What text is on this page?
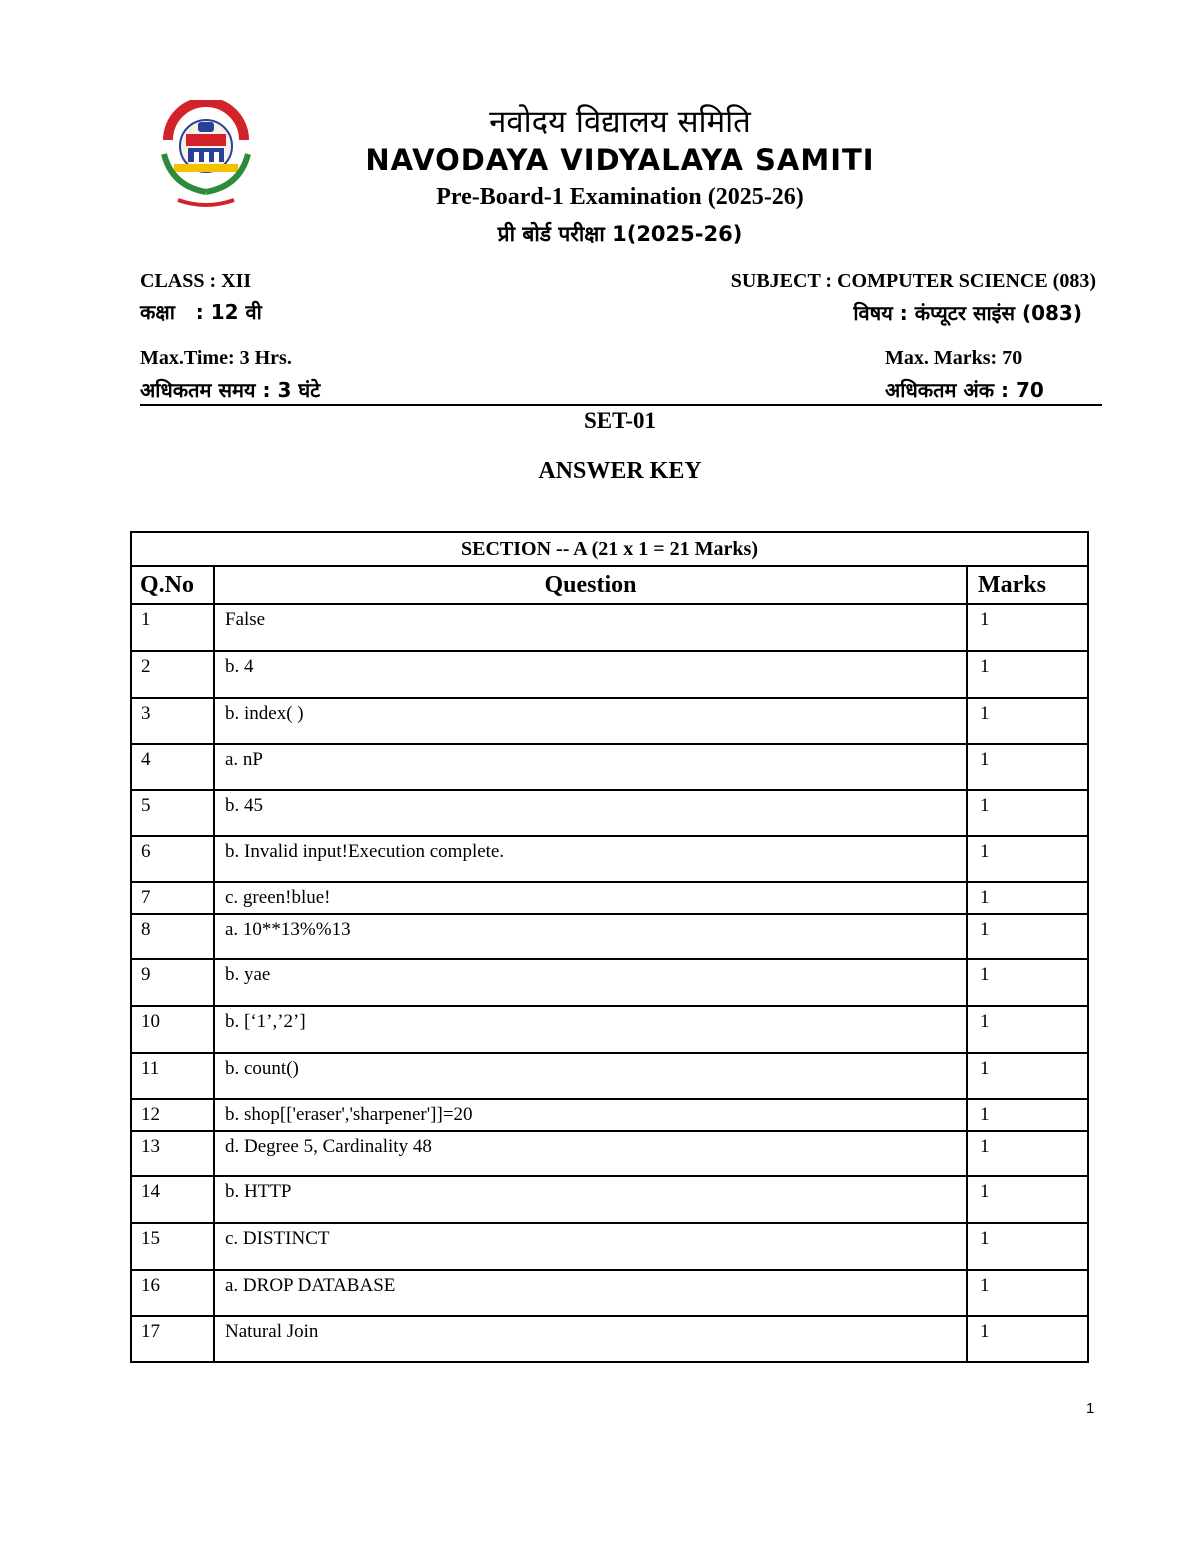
नवोदय विद्यालय समिति
NAVODAYA VIDYALAYA SAMITI
Pre-Board-1 Examination (2025-26)
प्री बोर्ड परीक्षा 1(2025-26)
CLASS : XII
कक्षा   : 12 वी
SUBJECT : COMPUTER SCIENCE (083)
विषय : कंप्यूटर साइंस (083)
Max.Time: 3 Hrs.
अधिकतम समय : 3 घंटे
Max. Marks: 70
अधिकतम अंक : 70
SET-01
ANSWER KEY
SECTION -- A (21 x 1 = 21 Marks)		
Q.No	Question	Marks
1	False	1
2	b. 4	1
3	b. index( )	1
4	a. nP	1
5	b. 45	1
6	b. Invalid input!Execution complete.	1
7	c. green!blue!	1
8	a. 10**13%%13	1
9	b. yae	1
10	b. [‘1’,’2’]	1
11	b. count()	1
12	b. shop[['eraser','sharpener']]=20	1
13	d. Degree 5, Cardinality 48	1
14	b. HTTP	1
15	c. DISTINCT	1
16	a. DROP DATABASE	1
17	Natural Join	1
1
